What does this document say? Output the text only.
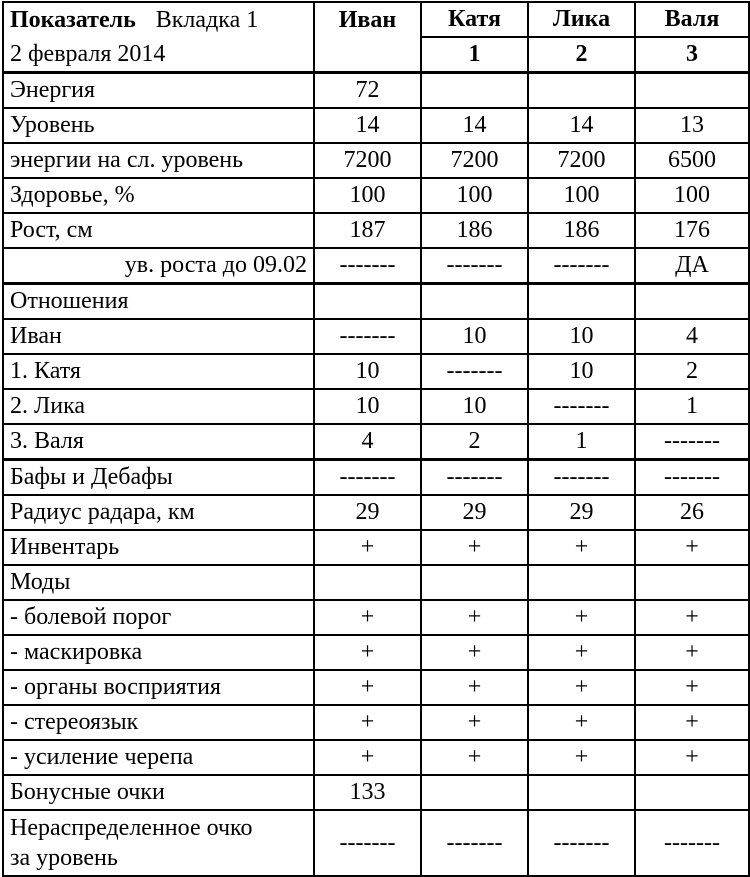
Показатель Вкладка 1	Иван	Катя	Лика	Валя
2 февраля 2014		1	2	3
Энергия	72			
Уровень	14	14	14	13
энергии на сл. уровень	7200	7200	7200	6500
Здоровье, %	100	100	100	100
Рост, см	187	186	186	176
ув. роста до 09.02	-------	-------	-------	ДА
Отношения				
Иван	-------	10	10	4
1. Катя	10	-------	10	2
2. Лика	10	10	-------	1
3. Валя	4	2	1	-------
Бафы и Дебафы	-------	-------	-------	-------
Радиус радара, км	29	29	29	26
Инвентарь	+	+	+	+
Моды				
- болевой порог	+	+	+	+
- маскировка	+	+	+	+
- органы восприятия	+	+	+	+
- стереоязык	+	+	+	+
- усиление черепа	+	+	+	+
Бонусные очки	133			
Нераспределенное очко
за уровень	-------	-------	-------	-------
